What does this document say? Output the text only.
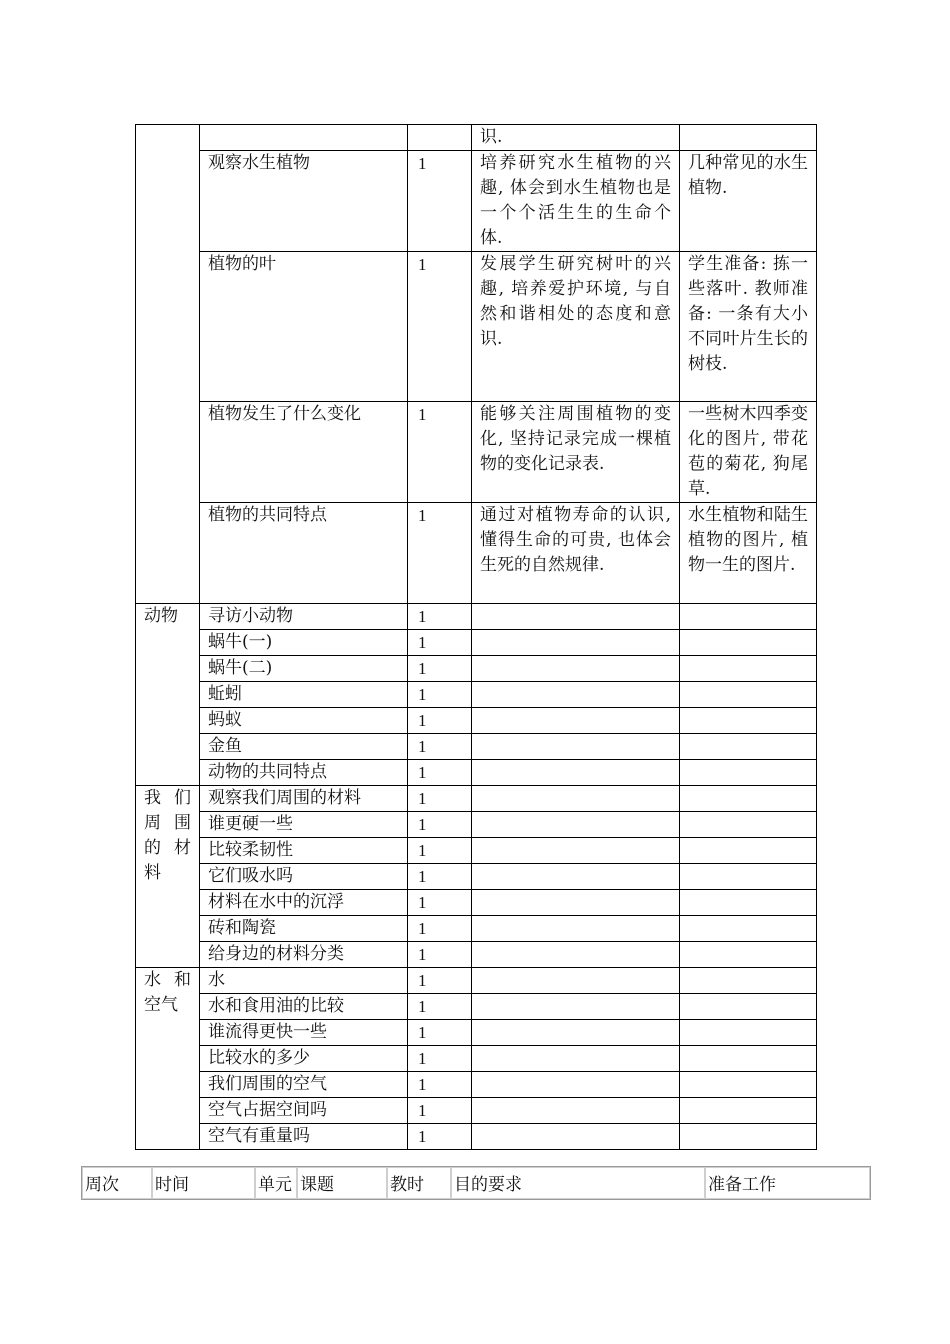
			识.	
	观察水生植物	1	培养研究水生植物的兴趣, 体会到水生植物也是一个个活生生的生命个体.	几种常见的水生植物.
	植物的叶	1	发展学生研究树叶的兴趣, 培养爱护环境, 与自然和谐相处的态度和意识.	学生准备: 拣一些落叶. 教师准备: 一条有大小不同叶片生长的树枝.
	植物发生了什么变化	1	能够关注周围植物的变化, 坚持记录完成一棵植物的变化记录表.	一些树木四季变化的图片, 带花苞的菊花, 狗尾草.
	植物的共同特点	1	通过对植物寿命的认识, 懂得生命的可贵, 也体会生死的自然规律.	水生植物和陆生植物的图片, 植物一生的图片.
动物	寻访小动物	1		
	蜗牛(一)	1		
	蜗牛(二)	1		
	蚯蚓	1		
	蚂蚁	1		
	金鱼	1		
	动物的共同特点	1		
我们周围的材料	观察我们周围的材料	1		
	谁更硬一些	1		
	比较柔韧性	1		
	它们吸水吗	1		
	材料在水中的沉浮	1		
	砖和陶瓷	1		
	给身边的材料分类	1		
水和空气	水	1		
	水和食用油的比较	1		
	谁流得更快一些	1		
	比较水的多少	1		
	我们周围的空气	1		
	空气占据空间吗	1		
	空气有重量吗	1		
周次	时间	单元	课题	教时	目的要求	准备工作
